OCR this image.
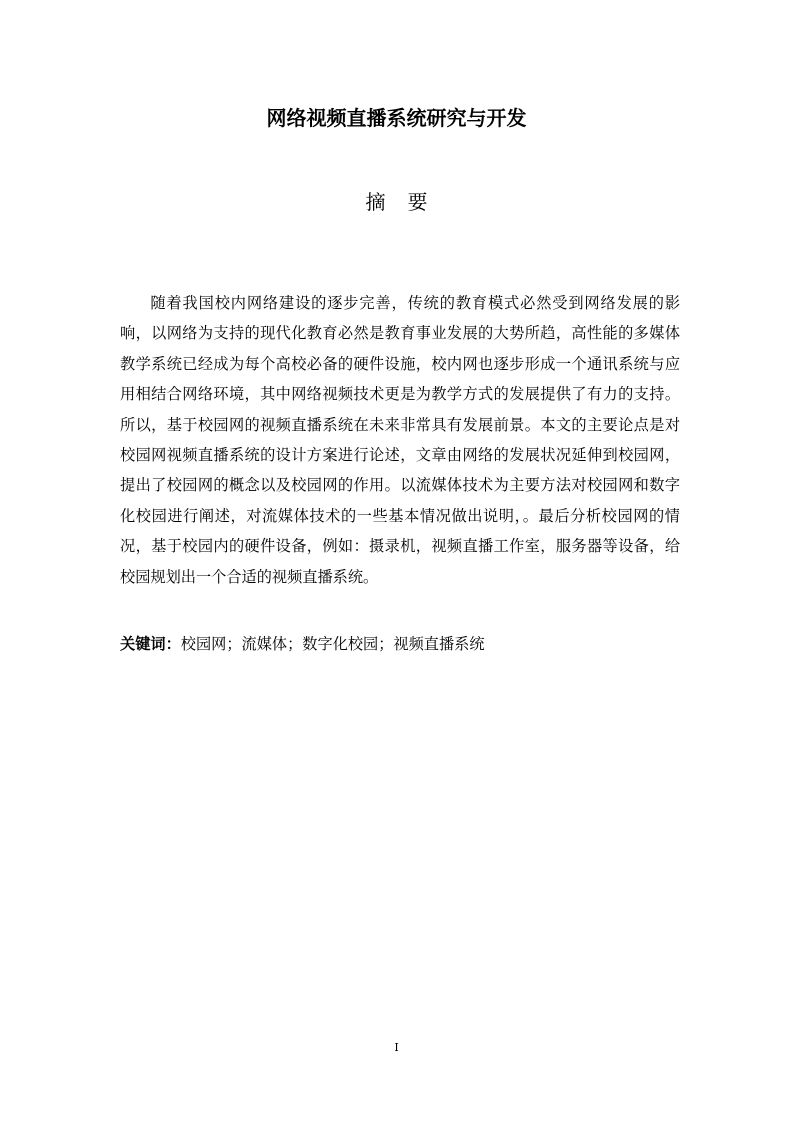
网络视频直播系统研究与开发
摘要

随着我国校内网络建设的逐步完善，传统的教育模式必然受到网络发展的影响，以网络为支持的现代化教育必然是教育事业发展的大势所趋，高性能的多媒体教学系统已经成为每个高校必备的硬件设施，校内网也逐步形成一个通讯系统与应用相结合网络环境，其中网络视频技术更是为教学方式的发展提供了有力的支持。所以，基于校园网的视频直播系统在未来非常具有发展前景。本文的主要论点是对校园网视频直播系统的设计方案进行论述，文章由网络的发展状况延伸到校园网，提出了校园网的概念以及校园网的作用。以流媒体技术为主要方法对校园网和数字化校园进行阐述，对流媒体技术的一些基本情况做出说明，。最后分析校园网的情况，基于校园内的硬件设备，例如：摄录机，视频直播工作室，服务器等设备，给校园规划出一个合适的视频直播系统。

关键词：校园网；流媒体；数字化校园；视频直播系统

I
